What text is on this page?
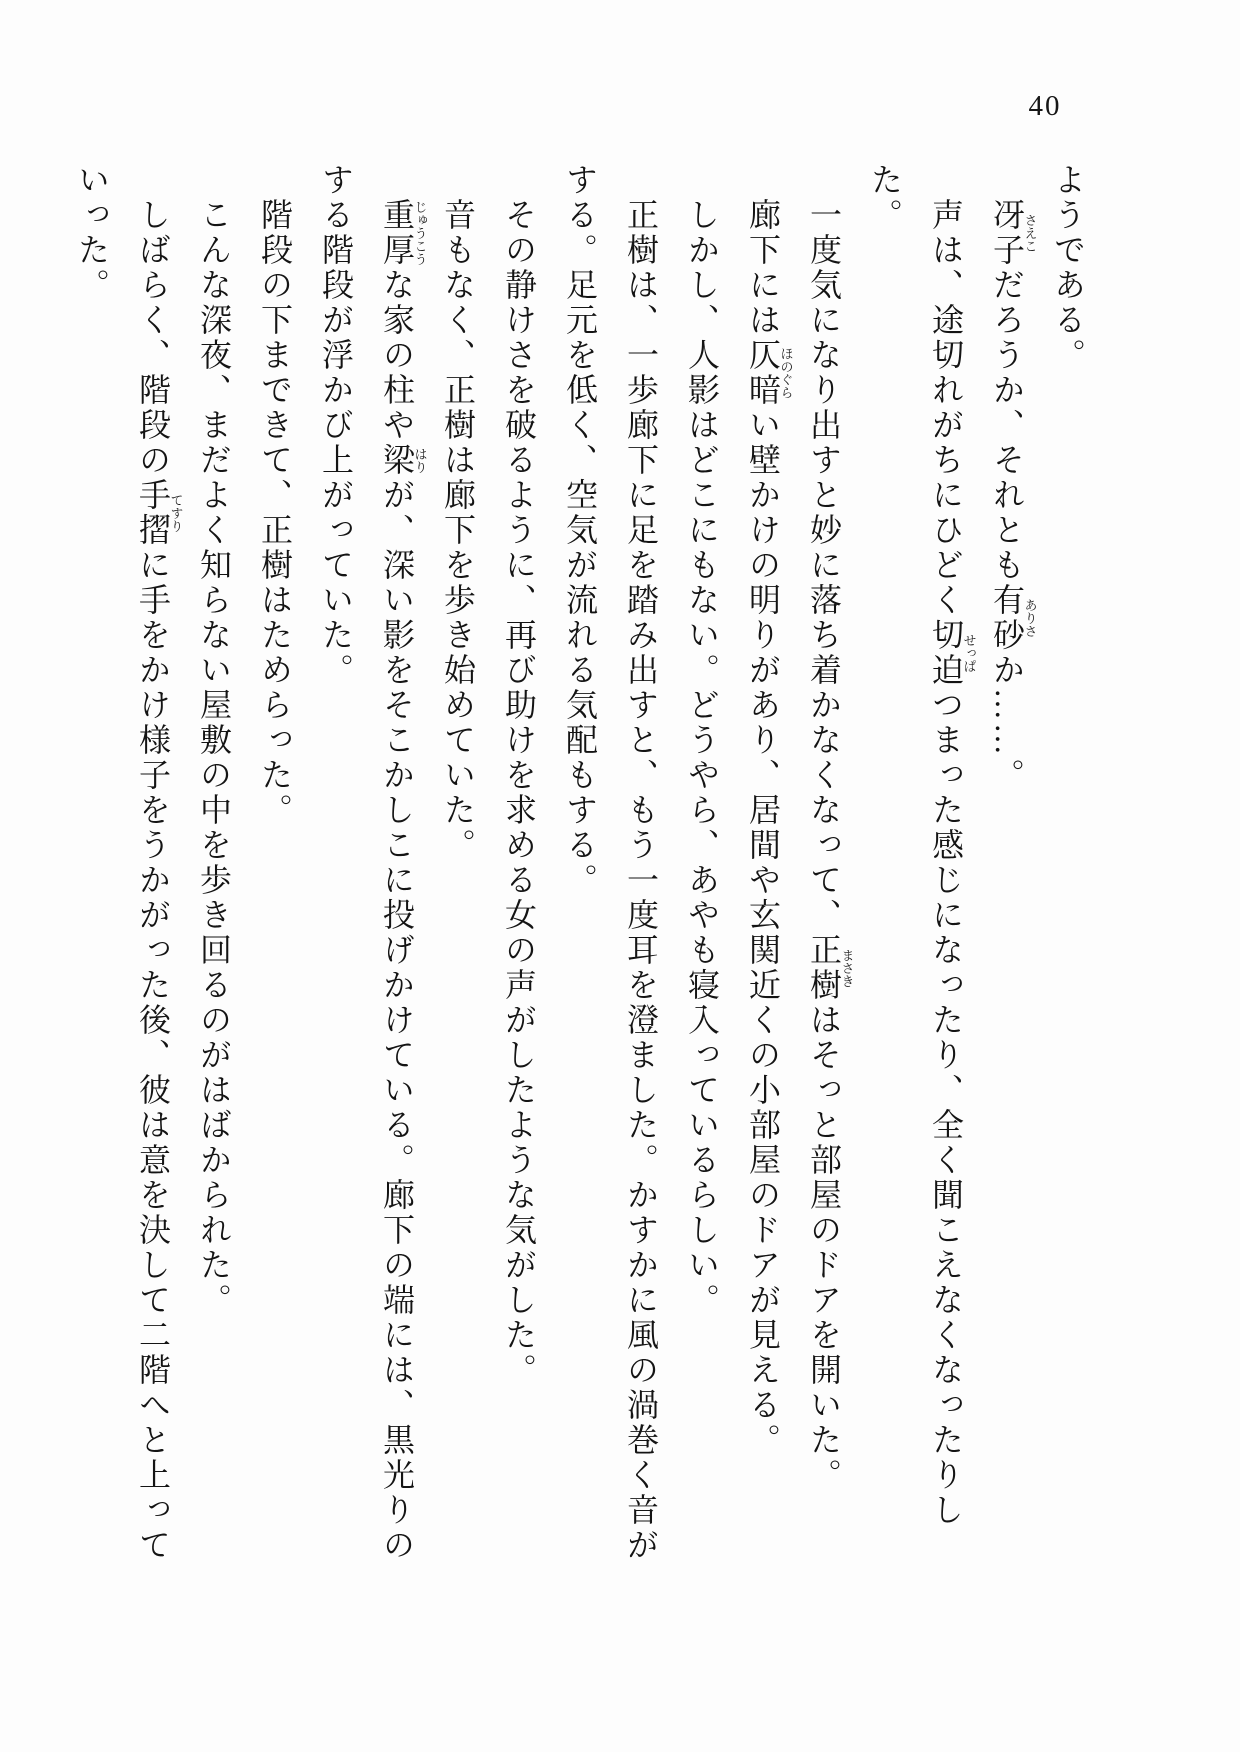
40
ようである。
冴子さえこだろうか、それとも有砂ありさか……。
声は、途切れがちにひどく切迫せっぱつまった感じになったり、全く聞こえなくなったりした。
一度気になり出すと妙に落ち着かなくなって、正樹まさきはそっと部屋のドアを開いた。
廊下には仄暗ほのぐらい壁かけの明りがあり、居間や玄関近くの小部屋のドアが見える。
しかし、人影はどこにもない。どうやら、あやも寝入っているらしい。
正樹は、一歩廊下に足を踏み出すと、もう一度耳を澄ました。かすかに風の渦巻く音が
する。足元を低く、空気が流れる気配もする。
その静けさを破るように、再び助けを求める女の声がしたような気がした。
音もなく、正樹は廊下を歩き始めていた。
重厚じゅうこうな家の柱や梁はりが、深い影をそこかしこに投げかけている。廊下の端には、黒光りの
する階段が浮かび上がっていた。
階段の下まできて、正樹はためらった。
こんな深夜、まだよく知らない屋敷の中を歩き回るのがはばかられた。
しばらく、階段の手摺てすりに手をかけ様子をうかがった後、彼は意を決して二階へと上って
いった。
